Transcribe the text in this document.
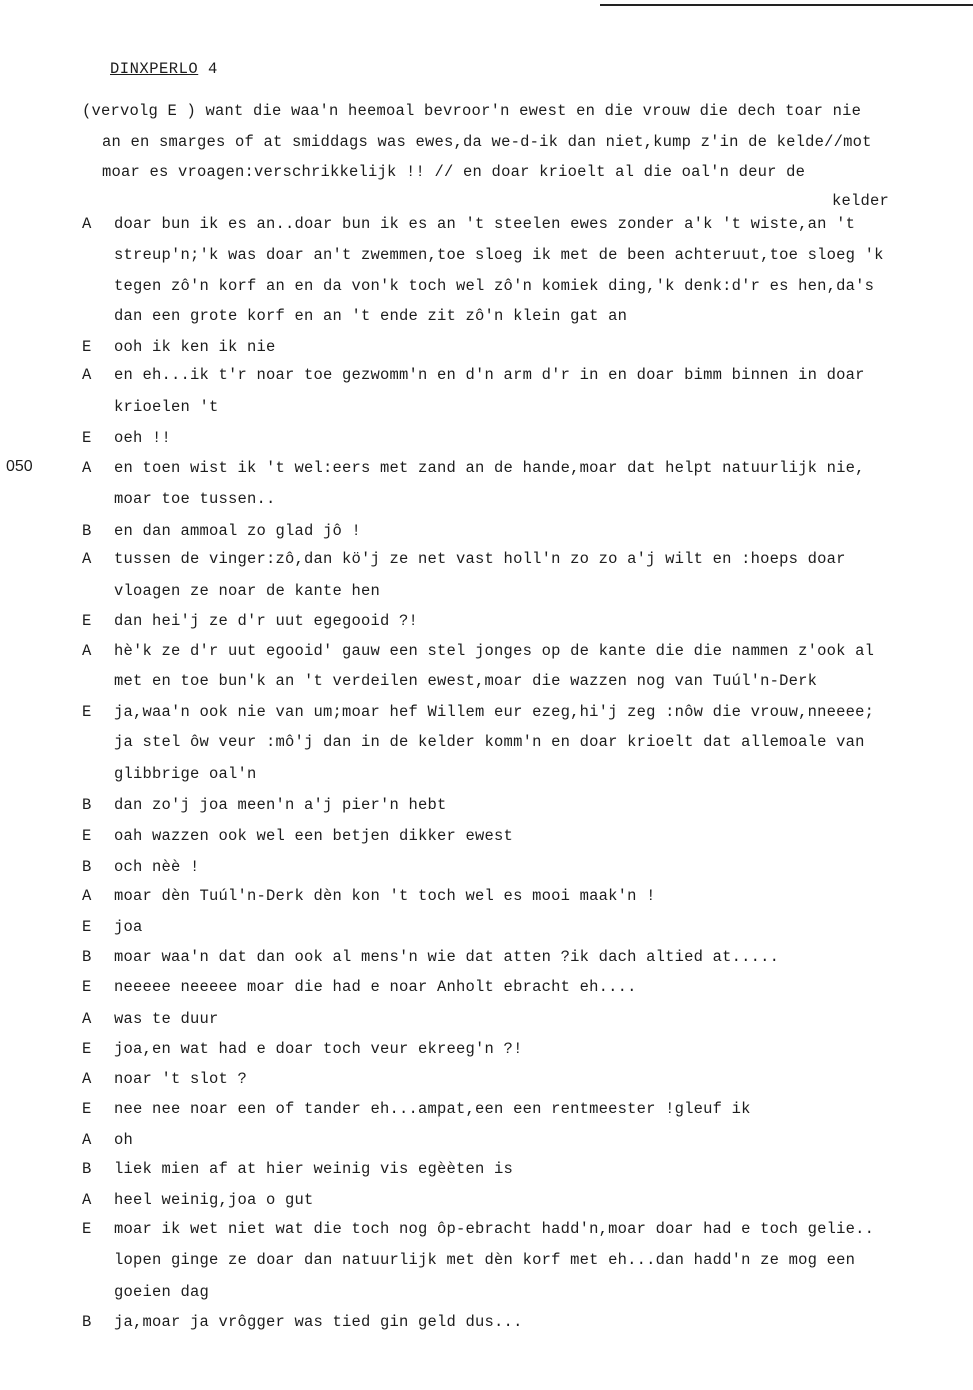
DINXPERLO 4
050
kelder
(vervolg E ) want die waa'n heemoal bevroor'n ewest en die vrouw die dech toar nie
an en smarges of at smiddags was ewes,da we-d-ik dan niet,kump z'in de kelde//mot
moar es vroagen:verschrikkelijk !! // en doar krioelt al die oal'n deur de
A	doar bun ik es an..doar bun ik es an 't steelen ewes zonder a'k 't wiste,an 't
streup'n;'k was doar an't zwemmen,toe sloeg ik met de been achteruut,toe sloeg 'k
tegen zô'n korf an en da von'k toch wel zô'n komiek ding,'k denk:d'r es hen,da's
dan een grote korf en an 't ende zit zô'n klein gat an
E	ooh ik ken ik nie
A	en eh...ik t'r noar toe gezwomm'n en d'n arm d'r in en doar bimm binnen in doar
krioelen 't
E	oeh !!
A	en toen wist ik 't wel:eers met zand an de hande,moar dat helpt natuurlijk nie,
moar toe tussen..
B	en dan ammoal zo glad jô !
A	tussen de vinger:zô,dan kö'j ze net vast holl'n zo zo a'j wilt en :hoeps doar
vloagen ze noar de kante hen
E	dan hei'j ze d'r uut egegooid ?!
A	hè'k ze d'r uut egooid' gauw een stel jonges op de kante die die nammen z'ook al
met en toe bun'k an 't verdeilen ewest,moar die wazzen nog van Tuúl'n-Derk
E	ja,waa'n ook nie van um;moar hef Willem eur ezeg,hi'j zeg :nôw die vrouw,nneeee;
ja stel ôw veur :mô'j dan in de kelder komm'n en doar krioelt dat allemoale van
glibbrige oal'n
B	dan zo'j joa meen'n a'j pier'n hebt
E	oah wazzen ook wel een betjen dikker ewest
B	och nèè !
A	moar dèn Tuúl'n-Derk dèn kon 't toch wel es mooi maak'n !
E	joa
B	moar waa'n dat dan ook al mens'n wie dat atten ?ik dach altied at.....
E	neeeee neeeee moar die had e noar Anholt ebracht eh....
A	was te duur
E	joa,en wat had e doar toch veur ekreeg'n ?!
A	noar 't slot ?
E	nee nee noar een of tander eh...ampat,een een rentmeester !gleuf ik
A	oh
B	liek mien af at hier weinig vis egèèten is
A	heel weinig,joa o gut
E	moar ik wet niet wat die toch nog ôp-ebracht hadd'n,moar doar had e toch gelie..
lopen ginge ze doar dan natuurlijk met dèn korf met eh...dan hadd'n ze mog een
goeien dag
B	ja,moar ja vrôgger was tied gin geld dus...
